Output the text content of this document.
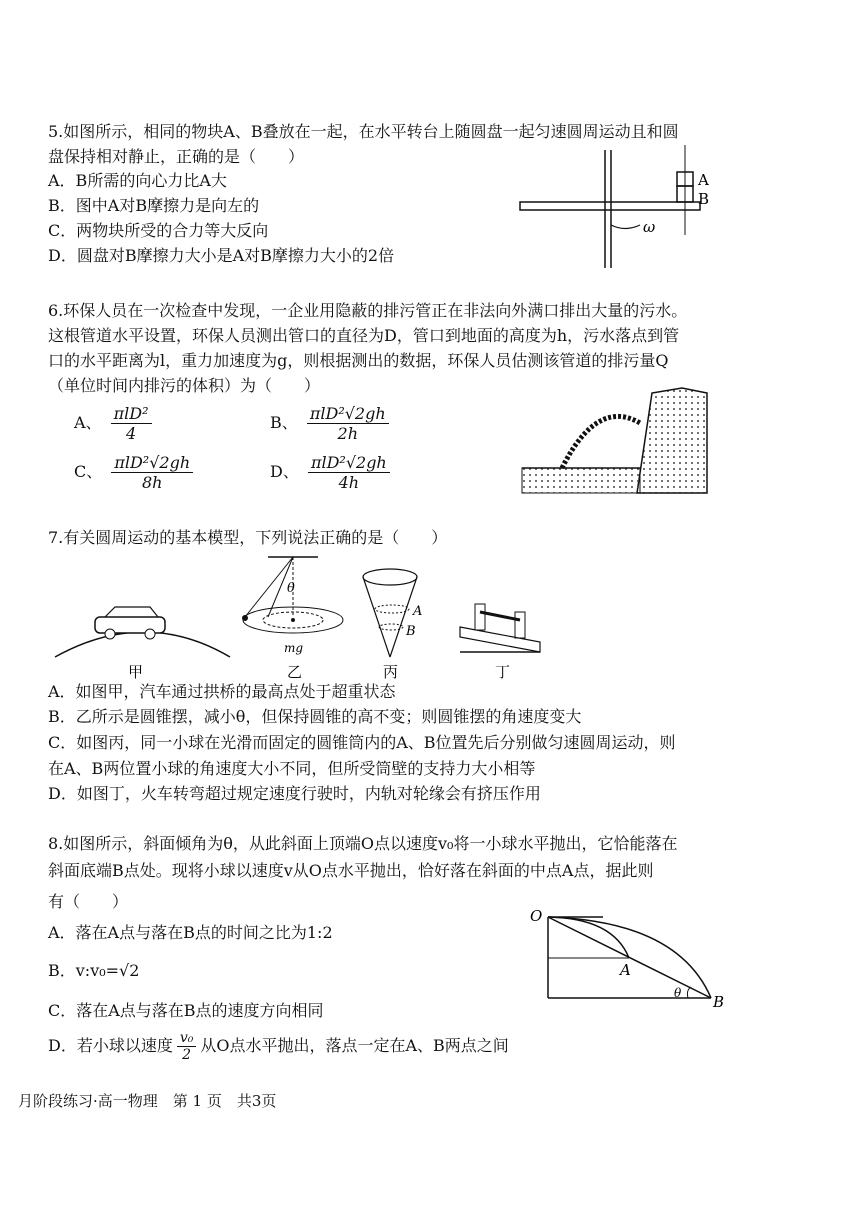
5.如图所示，相同的物块A、B叠放在一起，在水平转台上随圆盘一起匀速圆周运动且和圆
盘保持相对静止，正确的是（　　）
A．B所需的向心力比A大
B．图中A对B摩擦力是向左的
C．两物块所受的合力等大反向
D．圆盘对B摩擦力大小是A对B摩擦力大小的2倍
A
B
ω
6.环保人员在一次检查中发现，一企业用隐蔽的排污管正在非法向外满口排出大量的污水。
这根管道水平设置，环保人员测出管口的直径为D，管口到地面的高度为h，污水落点到管
口的水平距离为l，重力加速度为g，则根据测出的数据，环保人员估测该管道的排污量Q
（单位时间内排污的体积）为（　　）
A、 $\frac{\text{πlD²}}{4}$	B、 $\frac{\text{πlD²√2gh}}{2h}$
C、 $\frac{\text{πlD²√2gh}}{8h}$	D、 $\frac{\text{πlD²√2gh}}{4h}$
7.有关圆周运动的基本模型，下列说法正确的是（　　）
甲
θ
mg
乙
A
B
丙	丁
A．如图甲，汽车通过拱桥的最高点处于超重状态
B．乙所示是圆锥摆，减小θ，但保持圆锥的高不变；则圆锥摆的角速度变大
C．如图丙，同一小球在光滑而固定的圆锥筒内的A、B位置先后分别做匀速圆周运动，则
在A、B两位置小球的角速度大小不同，但所受筒壁的支持力大小相等
D．如图丁，火车转弯超过规定速度行驶时，内轨对轮缘会有挤压作用
8.如图所示，斜面倾角为θ，从此斜面上顶端O点以速度v₀将一小球水平抛出，它恰能落在
斜面底端B点处。现将小球以速度v从O点水平抛出，恰好落在斜面的中点A点，据此则
有（　　）
A．落在A点与落在B点的时间之比为1:2
B．v:v₀=√2
C．落在A点与落在B点的速度方向相同
D．若小球以速度 $\frac{\text{v₀}}{2}$ 从O点水平抛出，落点一定在A、B两点之间
O
A
B
θ
月阶段练习·高一物理　第 1 页　共3页
